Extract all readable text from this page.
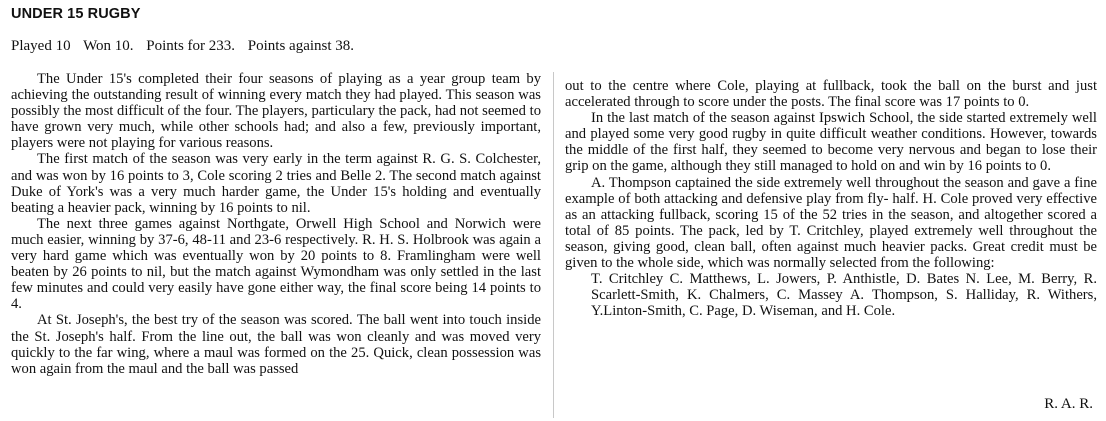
UNDER 15 RUGBY
Played 10 Won 10. Points for 233. Points against 38.

The Under 15's completed their four seasons of playing as a year group team by achieving the outstanding result of winning every match they had played. This season was possibly the most difficult of the four. The players, particulary the pack, had not seemed to have grown very much, while other schools had; and also a few, previously important, players were not playing for various reasons.

The first match of the season was very early in the term against R. G. S. Colchester, and was won by 16 points to 3, Cole scoring 2 tries and Belle 2. The second match against Duke of York's was a very much harder game, the Under 15's holding and eventually beating a heavier pack, winning by 16 points to nil.

The next three games against Northgate, Orwell High School and Norwich were much easier, winning by 37-6, 48-11 and 23-6 respectively. R. H. S. Holbrook was again a very hard game which was eventually won by 20 points to 8. Framlingham were well beaten by 26 points to nil, but the match against Wymondham was only settled in the last few minutes and could very easily have gone either way, the final score being 14 points to 4.

At St. Joseph's, the best try of the season was scored. The ball went into touch inside the St. Joseph's half. From the line out, the ball was won cleanly and was moved very quickly to the far wing, where a maul was formed on the 25. Quick, clean possession was won again from the maul and the ball was passed

out to the centre where Cole, playing at fullback, took the ball on the burst and just accelerated through to score under the posts. The final score was 17 points to 0.

In the last match of the season against Ipswich School, the side started extremely well and played some very good rugby in quite difficult weather conditions. However, towards the middle of the first half, they seemed to become very nervous and began to lose their grip on the game, although they still managed to hold on and win by 16 points to 0.

A. Thompson captained the side extremely well throughout the season and gave a fine example of both attacking and defensive play from fly- half. H. Cole proved very effective as an attacking fullback, scoring 15 of the 52 tries in the season, and altogether scored a total of 85 points. The pack, led by T. Critchley, played extremely well throughout the season, giving good, clean ball, often against much heavier packs. Great credit must be given to the whole side, which was normally selected from the following:

T. Critchley C. Matthews, L. Jowers, P. Anthistle, D. Bates N. Lee, M. Berry, R. Scarlett-Smith, K. Chalmers, C. Massey A. Thompson, S. Halliday, R. Withers, Y.Linton-Smith, C. Page, D. Wiseman, and H. Cole.

R. A. R.
